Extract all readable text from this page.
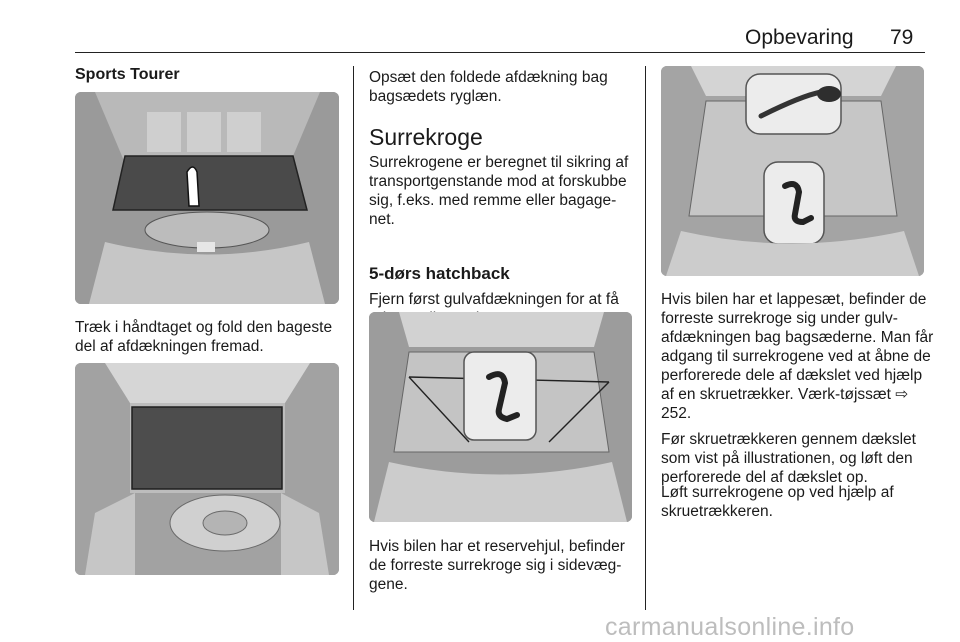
Opbevaring 79
Sports Tourer

Træk i håndtaget og fold den bageste del af afdækningen fremad.

Opsæt den foldede afdækning bag bagsædets ryglæn.

Surrekroge

Surrekrogene er beregnet til sikring af transportgenstande mod at forskubbe sig, f.eks. med remme eller bagage-net.

5-dørs hatchback

Fjern først gulvafdækningen for at få

Hvis bilen har et reservehjul, befinder de forreste surrekroge sig i sidevæg-gene.

Hvis bilen har et lappesæt, befinder de forreste surrekroge sig under gulv-afdækningen bag bagsæderne. Man får adgang til surrekrogene ved at åbne de perforerede dele af dækslet ved hjælp af en skruetrækker. Værk-tøjssæt ⇨ 252.

Før skruetrækkeren gennem dækslet som vist på illustrationen, og løft den perforerede del af dækslet op.

Løft surrekrogene op ved hjælp af skruetrækkeren.

carmanualsonline.info
